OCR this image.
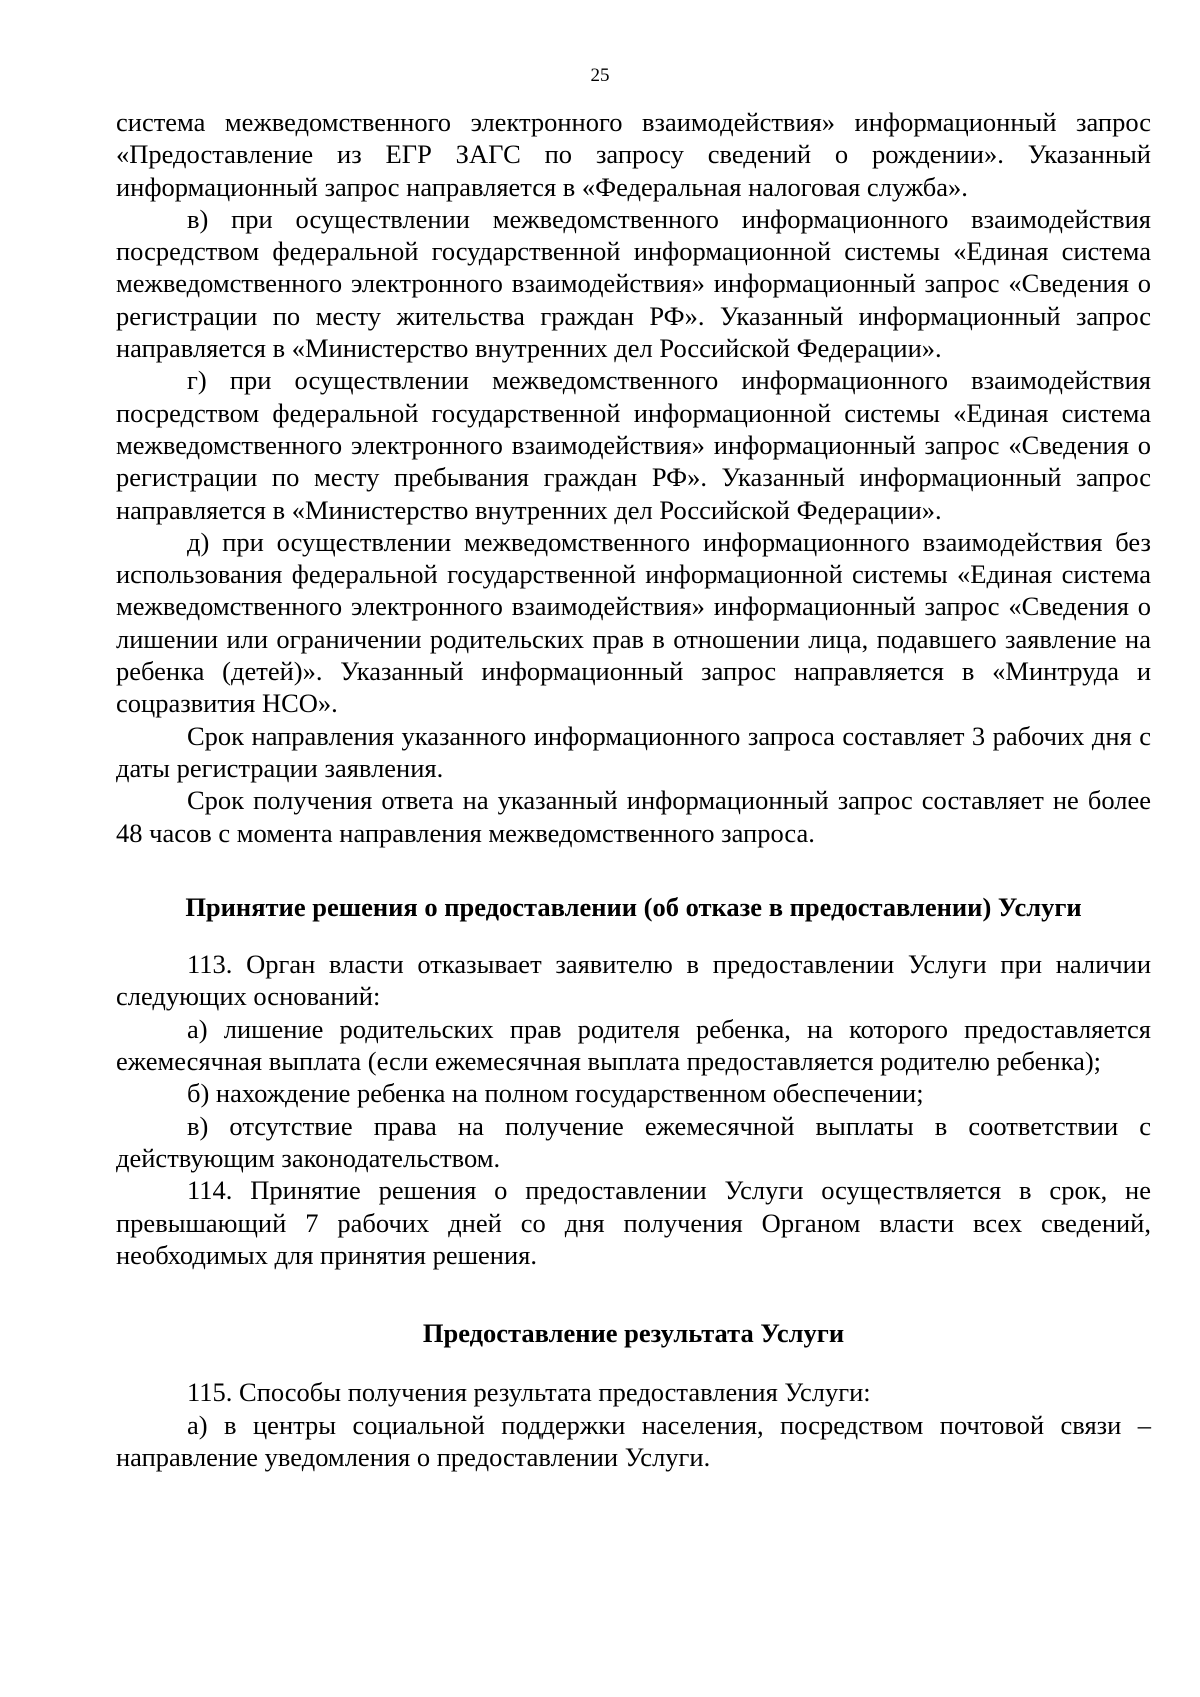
25

система межведомственного электронного взаимодействия» информационный запрос «Предоставление из ЕГР ЗАГС по запросу сведений о рождении». Указанный информационный запрос направляется в «Федеральная налоговая служба».

в) при осуществлении межведомственного информационного взаимодействия посредством федеральной государственной информационной системы «Единая система межведомственного электронного взаимодействия» информационный запрос «Сведения о регистрации по месту жительства граждан РФ». Указанный информационный запрос направляется в «Министерство внутренних дел Российской Федерации».

г) при осуществлении межведомственного информационного взаимодействия посредством федеральной государственной информационной системы «Единая система межведомственного электронного взаимодействия» информационный запрос «Сведения о регистрации по месту пребывания граждан РФ». Указанный информационный запрос направляется в «Министерство внутренних дел Российской Федерации».

д) при осуществлении межведомственного информационного взаимодействия без использования федеральной государственной информационной системы «Единая система межведомственного электронного взаимодействия» информационный запрос «Сведения о лишении или ограничении родительских прав в отношении лица, подавшего заявление на ребенка (детей)». Указанный информационный запрос направляется в «Минтруда и соцразвития НСО».

Срок направления указанного информационного запроса составляет 3 рабочих дня с даты регистрации заявления.

Срок получения ответа на указанный информационный запрос составляет не более 48 часов с момента направления межведомственного запроса.

Принятие решения о предоставлении (об отказе в предоставлении) Услуги

113. Орган власти отказывает заявителю в предоставлении Услуги при наличии следующих оснований:

а) лишение родительских прав родителя ребенка, на которого предоставляется ежемесячная выплата (если ежемесячная выплата предоставляется родителю ребенка);

б) нахождение ребенка на полном государственном обеспечении;

в) отсутствие права на получение ежемесячной выплаты в соответствии с действующим законодательством.

114. Принятие решения о предоставлении Услуги осуществляется в срок, не превышающий 7 рабочих дней со дня получения Органом власти всех сведений, необходимых для принятия решения.

Предоставление результата Услуги

115. Способы получения результата предоставления Услуги:

а) в центры социальной поддержки населения, посредством почтовой связи – направление уведомления о предоставлении Услуги.
